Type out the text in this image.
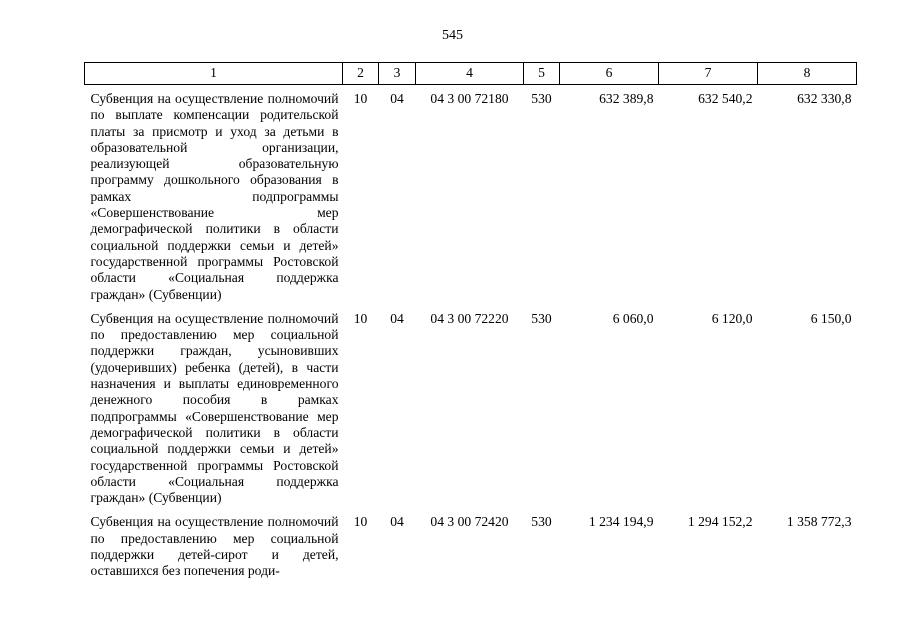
545
1	2	3	4	5	6	7	8
Субвенция на осуществление полномочий по выплате компенсации родительской платы за присмотр и уход за детьми в образовательной организации, реализующей образовательную программу дошкольного образования в рамках подпрограммы «Совершенствование мер демографической политики в области социальной поддержки семьи и детей» государственной программы Ростовской области «Социальная поддержка граждан» (Субвенции)	10	04	04 3 00 72180	530	632 389,8	632 540,2	632 330,8
Субвенция на осуществление полномочий по предоставлению мер социальной поддержки граждан, усыновивших (удочеривших) ребенка (детей), в части назначения и выплаты единовременного денежного пособия в рамках подпрограммы «Совершенствование мер демографической политики в области социальной поддержки семьи и детей» государственной программы Ростовской области «Социальная поддержка граждан» (Субвенции)	10	04	04 3 00 72220	530	6 060,0	6 120,0	6 150,0
Субвенция на осуществление полномочий по предоставлению мер социальной поддержки детей-сирот и детей, оставшихся без попечения роди-	10	04	04 3 00 72420	530	1 234 194,9	1 294 152,2	1 358 772,3
